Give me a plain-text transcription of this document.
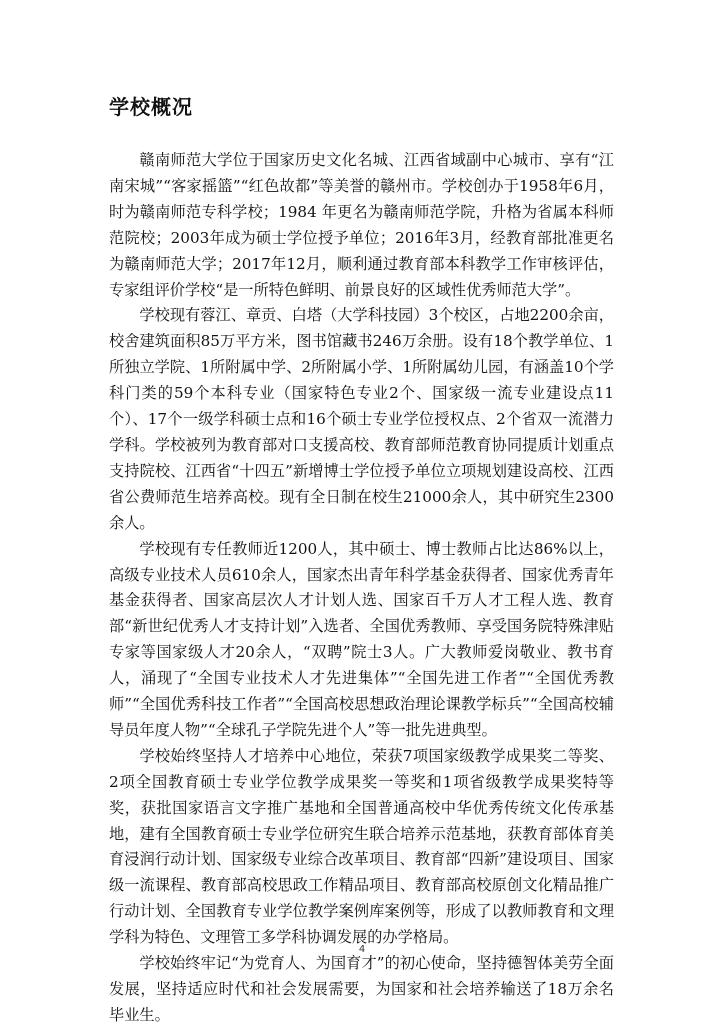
学校概况

赣南师范大学位于国家历史文化名城、江西省域副中心城市、享有“江南宋城”“客家摇篮”“红色故都”等美誉的赣州市。学校创办于1958年6月，时为赣南师范专科学校；1984 年更名为赣南师范学院，升格为省属本科师范院校；2003年成为硕士学位授予单位；2016年3月，经教育部批准更名为赣南师范大学；2017年12月，顺利通过教育部本科教学工作审核评估，专家组评价学校“是一所特色鲜明、前景良好的区域性优秀师范大学”。

学校现有蓉江、章贡、白塔（大学科技园）3个校区，占地2200余亩，校舍建筑面积85万平方米，图书馆藏书246万余册。设有18个教学单位、1所独立学院、1所附属中学、2所附属小学、1所附属幼儿园，有涵盖10个学科门类的59个本科专业（国家特色专业2个、国家级一流专业建设点11个）、17个一级学科硕士点和16个硕士专业学位授权点、2个省双一流潜力学科。学校被列为教育部对口支援高校、教育部师范教育协同提质计划重点支持院校、江西省“十四五”新增博士学位授予单位立项规划建设高校、江西省公费师范生培养高校。现有全日制在校生21000余人，其中研究生2300余人。

学校现有专任教师近1200人，其中硕士、博士教师占比达86%以上，高级专业技术人员610余人，国家杰出青年科学基金获得者、国家优秀青年基金获得者、国家高层次人才计划人选、国家百千万人才工程人选、教育部“新世纪优秀人才支持计划”入选者、全国优秀教师、享受国务院特殊津贴专家等国家级人才20余人，“双聘”院士3人。广大教师爱岗敬业、教书育人，涌现了“全国专业技术人才先进集体”“全国先进工作者”“全国优秀教师”“全国优秀科技工作者”“全国高校思想政治理论课教学标兵”“全国高校辅导员年度人物”“全球孔子学院先进个人”等一批先进典型。

学校始终坚持人才培养中心地位，荣获7项国家级教学成果奖二等奖、2项全国教育硕士专业学位教学成果奖一等奖和1项省级教学成果奖特等奖，获批国家语言文字推广基地和全国普通高校中华优秀传统文化传承基地，建有全国教育硕士专业学位研究生联合培养示范基地，获教育部体育美育浸润行动计划、国家级专业综合改革项目、教育部“四新”建设项目、国家级一流课程、教育部高校思政工作精品项目、教育部高校原创文化精品推广行动计划、全国教育专业学位教学案例库案例等，形成了以教师教育和文理学科为特色、文理管工多学科协调发展的办学格局。

学校始终牢记“为党育人、为国育才”的初心使命，坚持德智体美劳全面发展，坚持适应时代和社会发展需要，为国家和社会培养输送了18万余名毕业生。

4
